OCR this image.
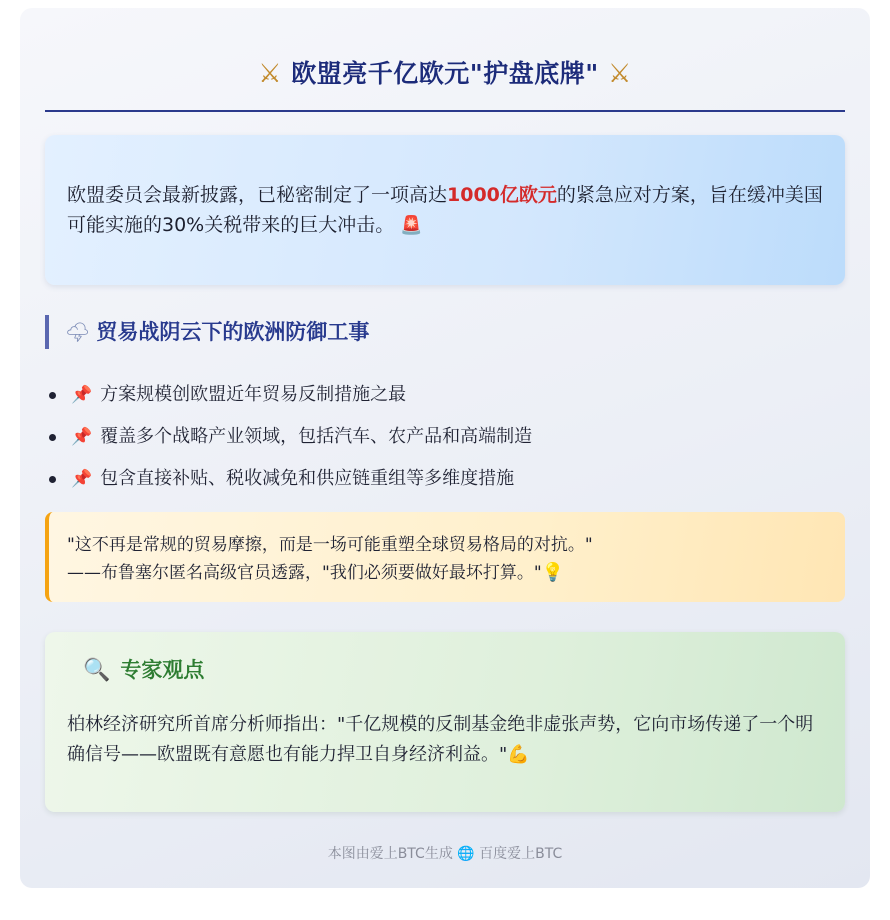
⚔ 欧盟亮千亿欧元"护盘底牌" ⚔
欧盟委员会最新披露，已秘密制定了一项高达1000亿欧元的紧急应对方案，旨在缓冲美国可能实施的30%关税带来的巨大冲击。 🚨
🌩 贸易战阴云下的欧洲防御工事
📌 方案规模创欧盟近年贸易反制措施之最
📌 覆盖多个战略产业领域，包括汽车、农产品和高端制造
📌 包含直接补贴、税收减免和供应链重组等多维度措施
"这不再是常规的贸易摩擦，而是一场可能重塑全球贸易格局的对抗。"
——布鲁塞尔匿名高级官员透露，"我们必须要做好最坏打算。"💡
🔍 专家观点
柏林经济研究所首席分析师指出："千亿规模的反制基金绝非虚张声势，它向市场传递了一个明确信号——欧盟既有意愿也有能力捍卫自身经济利益。"💪
本图由爱上BTC生成 🌐 百度爱上BTC
